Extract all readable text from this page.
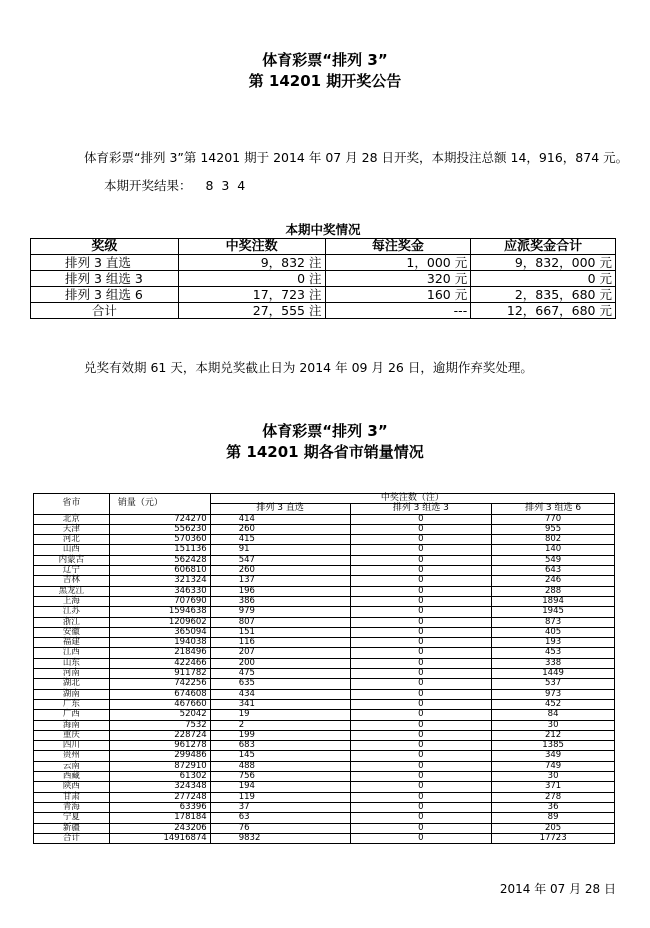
体育彩票“排列 3”
第 14201 期开奖公告
体育彩票“排列 3”第 14201 期于 2014 年 07 月 28 日开奖，本期投注总额 14，916，874 元。
本期开奖结果： 8  3  4
本期中奖情况
奖级	中奖注数	每注奖金	应派奖金合计
排列 3 直选	9，832 注	1，000 元	9，832，000 元
排列 3 组选 3	0 注	320 元	0 元
排列 3 组选 6	17，723 注	160 元	2，835，680 元
合计	27，555 注	---	12，667，680 元
兑奖有效期 61 天，本期兑奖截止日为 2014 年 09 月 26 日，逾期作弃奖处理。
体育彩票“排列 3”
第 14201 期各省市销量情况
省市	销量（元）	中奖注数（注）		
		排列 3 直选	排列 3 组选 3	排列 3 组选 6
北京	724270	414	0	770
天津	556230	260	0	955
河北	570360	415	0	802
山西	151136	91	0	140
内蒙古	562428	547	0	549
辽宁	606810	260	0	643
吉林	321324	137	0	246
黑龙江	346330	196	0	288
上海	707690	386	0	1894
江苏	1594638	979	0	1945
浙江	1209602	807	0	873
安徽	365094	151	0	405
福建	194038	116	0	193
江西	218496	207	0	453
山东	422466	200	0	338
河南	911782	475	0	1449
湖北	742256	635	0	537
湖南	674608	434	0	973
广东	467660	341	0	452
广西	52042	19	0	84
海南	7532	2	0	30
重庆	228724	199	0	212
四川	961278	683	0	1385
贵州	299486	145	0	349
云南	872910	488	0	749
西藏	61302	756	0	30
陕西	324348	194	0	371
甘肃	277248	119	0	278
青海	63396	37	0	36
宁夏	178184	63	0	89
新疆	243206	76	0	205
合计	14916874	9832	0	17723
2014 年 07 月 28 日
